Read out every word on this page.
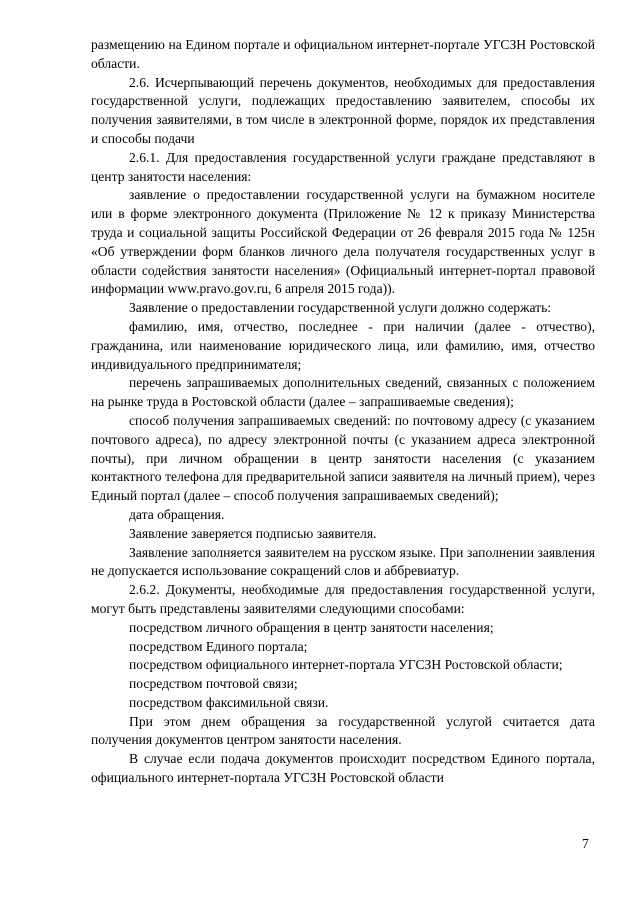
размещению на Едином портале и официальном интернет-портале УГСЗН Ростовской области.

2.6. Исчерпывающий перечень документов, необходимых для предоставления государственной услуги, подлежащих предоставлению заявителем, способы их получения заявителями, в том числе в электронной форме, порядок их представления и способы подачи

2.6.1. Для предоставления государственной услуги граждане представляют в центр занятости населения:

заявление о предоставлении государственной услуги на бумажном носителе или в форме электронного документа (Приложение № 12 к приказу Министерства труда и социальной защиты Российской Федерации от 26 февраля 2015 года № 125н «Об утверждении форм бланков личного дела получателя государственных услуг в области содействия занятости населения» (Официальный интернет-портал правовой информации www.pravo.gov.ru, 6 апреля 2015 года)).

Заявление о предоставлении государственной услуги должно содержать:

фамилию, имя, отчество, последнее - при наличии (далее - отчество), гражданина, или наименование юридического лица, или фамилию, имя, отчество индивидуального предпринимателя;

перечень запрашиваемых дополнительных сведений, связанных с положением на рынке труда в Ростовской области (далее – запрашиваемые сведения);

способ получения запрашиваемых сведений: по почтовому адресу (с указанием почтового адреса), по адресу электронной почты (с указанием адреса электронной почты), при личном обращении в центр занятости населения (с указанием контактного телефона для предварительной записи заявителя на личный прием), через Единый портал (далее – способ получения запрашиваемых сведений);

дата обращения.

Заявление заверяется подписью заявителя.

Заявление заполняется заявителем на русском языке. При заполнении заявления не допускается использование сокращений слов и аббревиатур.

2.6.2. Документы, необходимые для предоставления государственной услуги, могут быть представлены заявителями следующими способами:

посредством личного обращения в центр занятости населения;

посредством Единого портала;

посредством официального интернет-портала УГСЗН Ростовской области;

посредством почтовой связи;

посредством факсимильной связи.

При этом днем обращения за государственной услугой считается дата получения документов центром занятости населения.

В случае если подача документов происходит посредством Единого портала, официального интернет-портала УГСЗН Ростовской области

7
